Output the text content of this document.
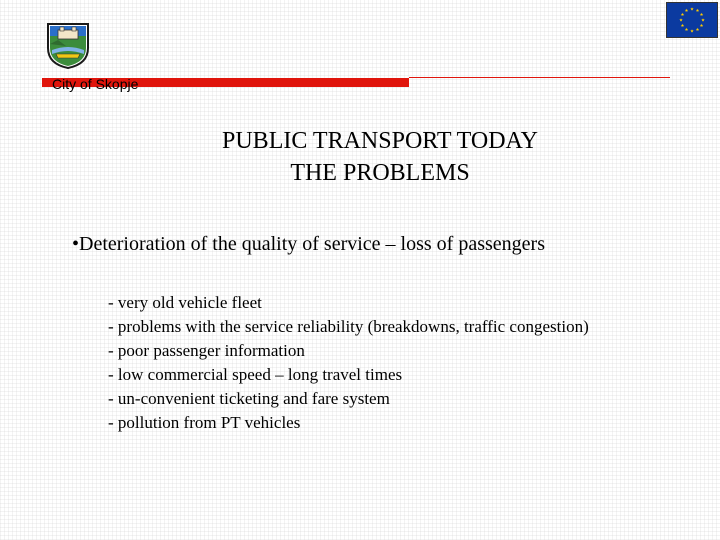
City of Skopje
PUBLIC TRANSPORT TODAY
THE PROBLEMS
•Deterioration of the quality of service – loss of passengers
- very old vehicle fleet
- problems with the service reliability (breakdowns, traffic congestion)
- poor passenger information
- low commercial speed – long travel times
- un-convenient ticketing and fare system
- pollution from PT vehicles
